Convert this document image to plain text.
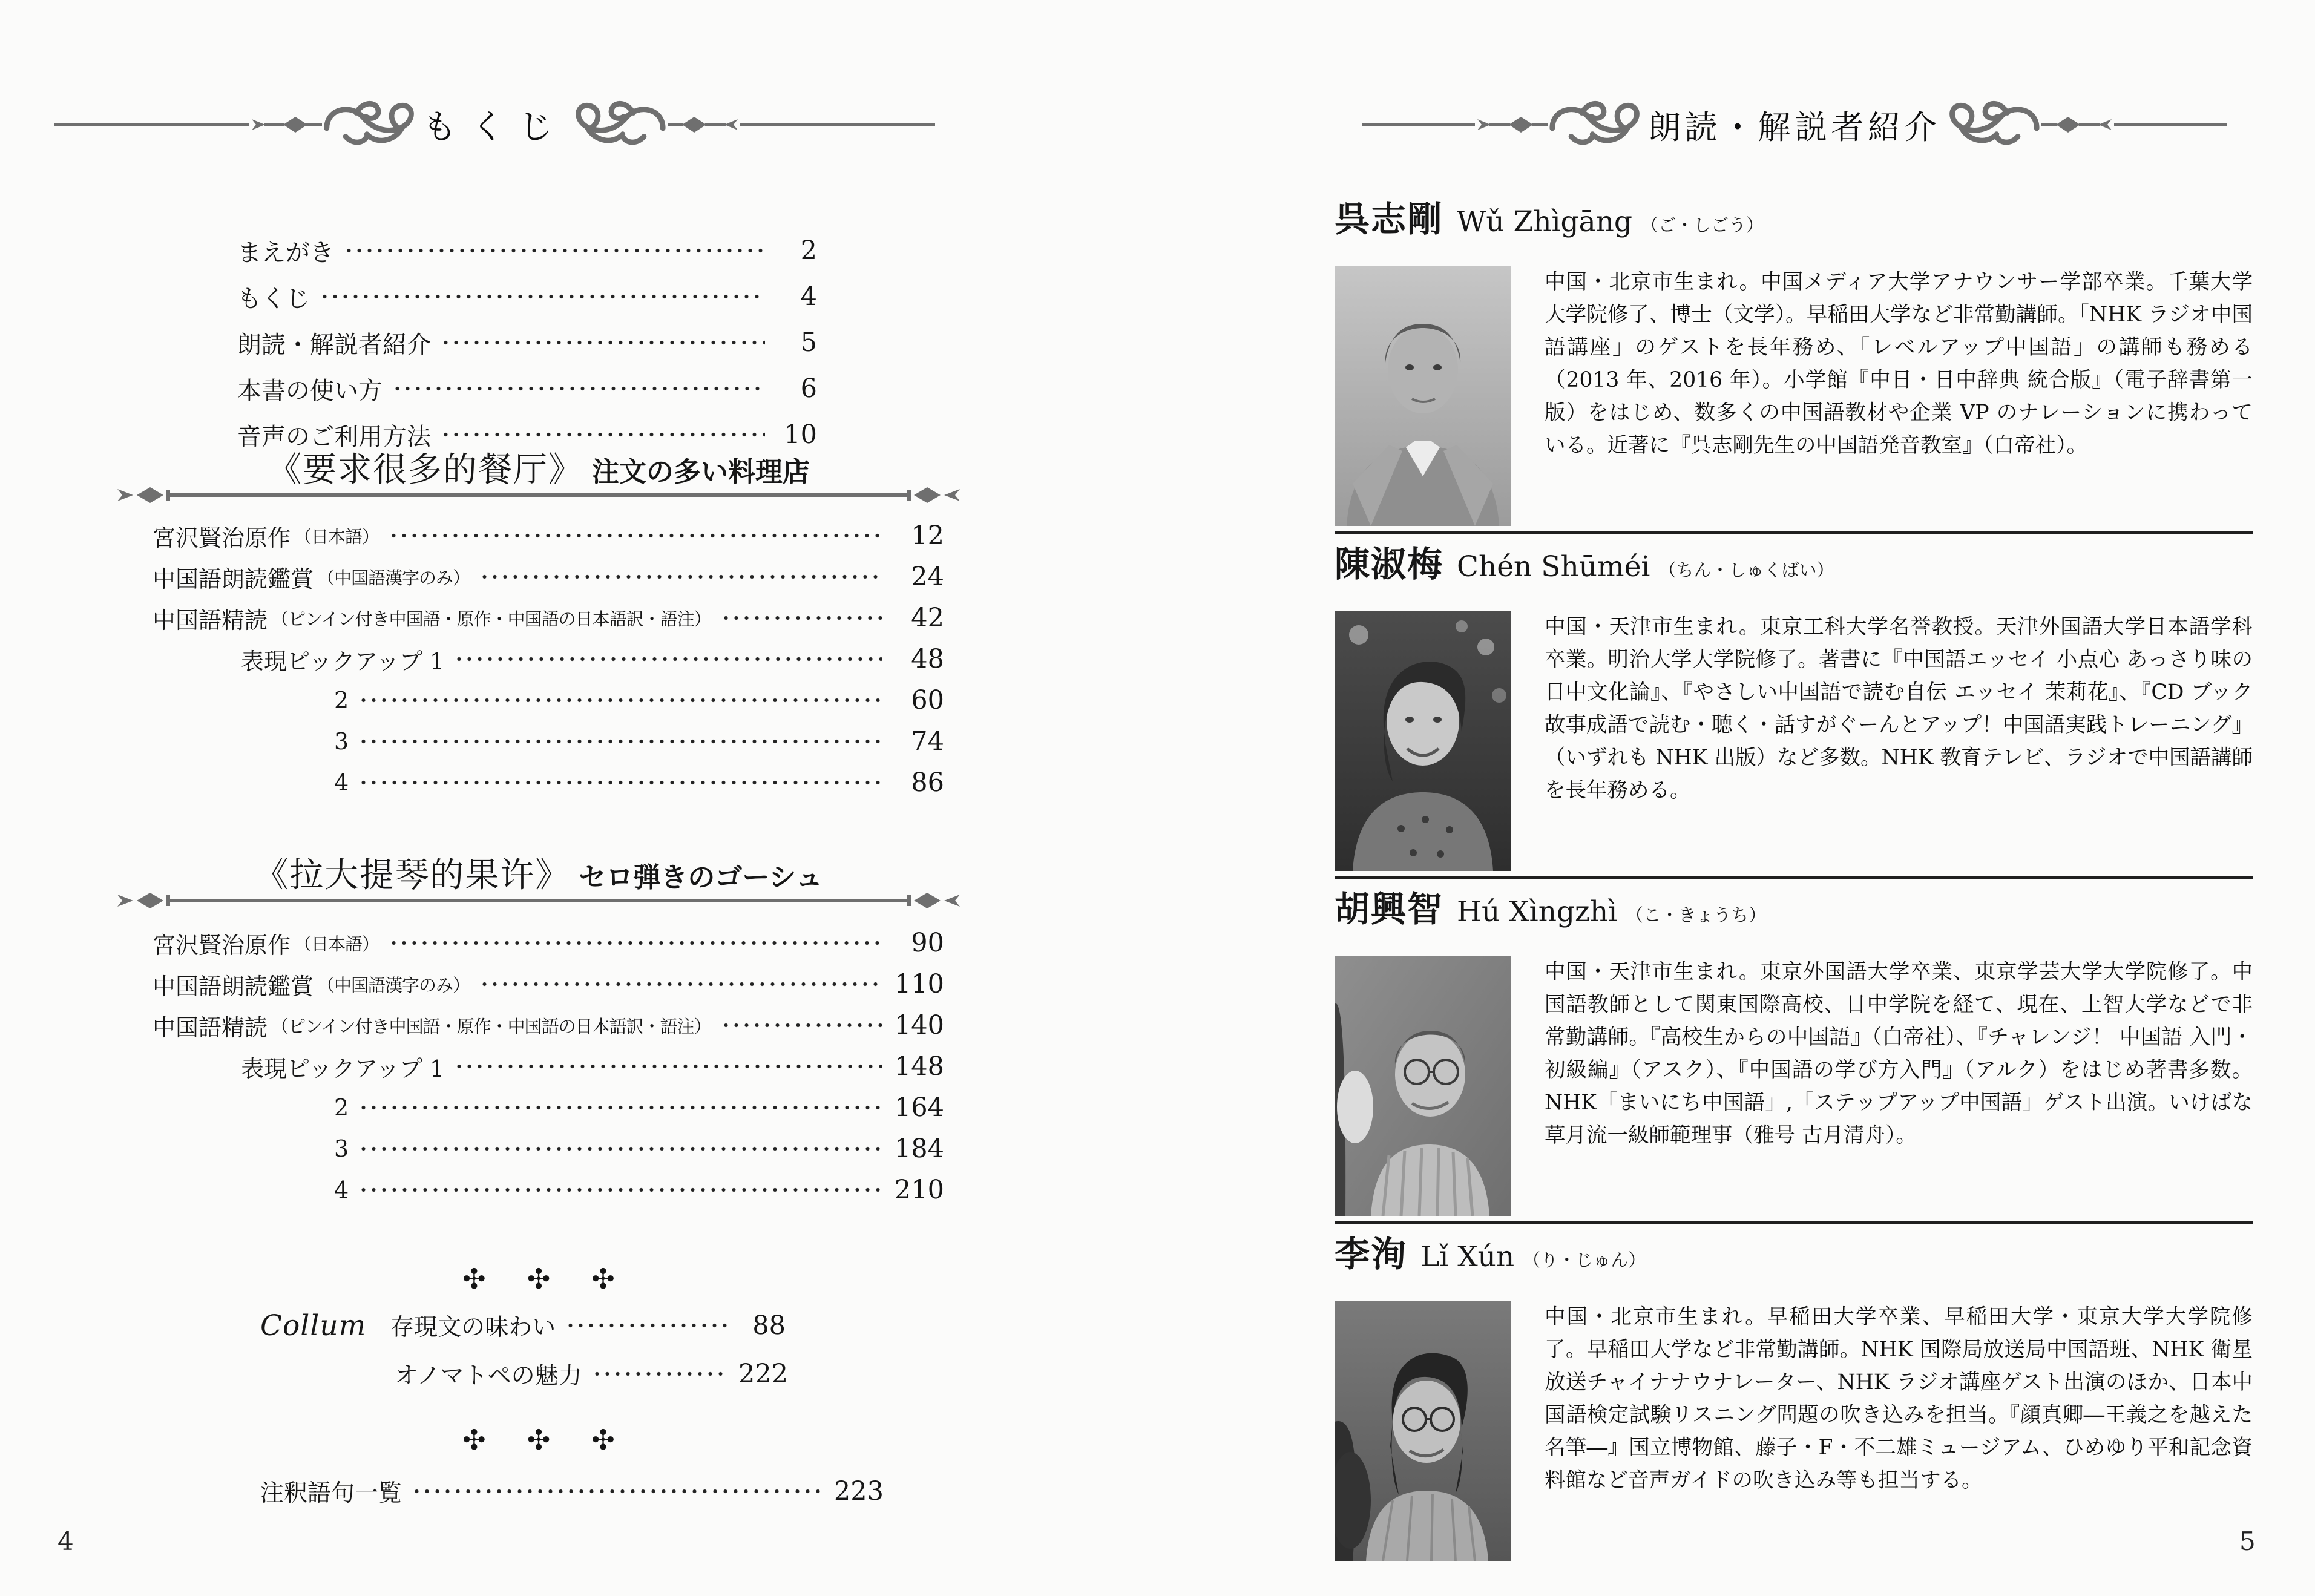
もくじ
まえがき	2
もくじ	4
朗読・解説者紹介	5
本書の使い方	6
音声のご利用方法	10
《要求很多的餐厅》 注文の多い料理店
宮沢賢治原作 （日本語）	12
中国語朗読鑑賞 （中国語漢字のみ）	24
中国語精読 （ピンイン付き中国語・原作・中国語の日本語訳・語注）	42
表現ピックアップ 1	48
2	60
3	74
4	86
《拉大提琴的果许》 セロ弾きのゴーシュ
宮沢賢治原作 （日本語）	90
中国語朗読鑑賞 （中国語漢字のみ）	110
中国語精読 （ピンイン付き中国語・原作・中国語の日本語訳・語注）	140
表現ピックアップ 1	148
2	164
3	184
4	210
✣ ✣ ✣
Collum 存現文の味わい	88
オノマトペの魅力	222
✣ ✣ ✣
注釈語句一覧	223
4
朗読・解説者紹介
呉志剛 Wǔ Zhìgāng （ご・しごう）
中国・北京市生まれ。中国メディア大学アナウンサー学部卒業。千葉大学大学院修了、博士（文学）。早稲田大学など非常勤講師。「NHK ラジオ中国語講座」のゲストを長年務め、「レベルアップ中国語」の講師も務める（2013 年、2016 年）。小学館『中日・日中辞典 統合版』（電子辞書第一版）をはじめ、数多くの中国語教材や企業 VP のナレーションに携わっている。近著に『呉志剛先生の中国語発音教室』（白帝社）。
陳淑梅 Chén Shūméi （ちん・しゅくばい）
中国・天津市生まれ。東京工科大学名誉教授。天津外国語大学日本語学科卒業。明治大学大学院修了。著書に『中国語エッセイ 小点心 あっさり味の日中文化論』、『やさしい中国語で読む自伝 エッセイ 茉莉花』、『CD ブック 故事成語で読む・聴く・話すがぐーんとアップ！中国語実践トレーニング』（いずれも NHK 出版）など多数。NHK 教育テレビ、ラジオで中国語講師を長年務める。
胡興智 Hú Xìngzhì （こ・きょうち）
中国・天津市生まれ。東京外国語大学卒業、東京学芸大学大学院修了。中国語教師として関東国際高校、日中学院を経て、現在、上智大学などで非常勤講師。『高校生からの中国語』（白帝社）、『チャレンジ！ 中国語 入門・初級編』（アスク）、『中国語の学び方入門』（アルク）をはじめ著書多数。NHK「まいにち中国語」,「ステップアップ中国語」ゲスト出演。いけばな草月流一級師範理事（雅号 古月清舟）。
李洵 Lǐ Xún （り・じゅん）
中国・北京市生まれ。早稲田大学卒業、早稲田大学・東京大学大学院修了。早稲田大学など非常勤講師。NHK 国際局放送局中国語班、NHK 衛星放送チャイナナウナレーター、NHK ラジオ講座ゲスト出演のほか、日本中国語検定試験リスニング問題の吹き込みを担当。『顔真卿―王義之を越えた名筆―』国立博物館、藤子・F・不二雄ミュージアム、ひめゆり平和記念資料館など音声ガイドの吹き込み等も担当する。
5
